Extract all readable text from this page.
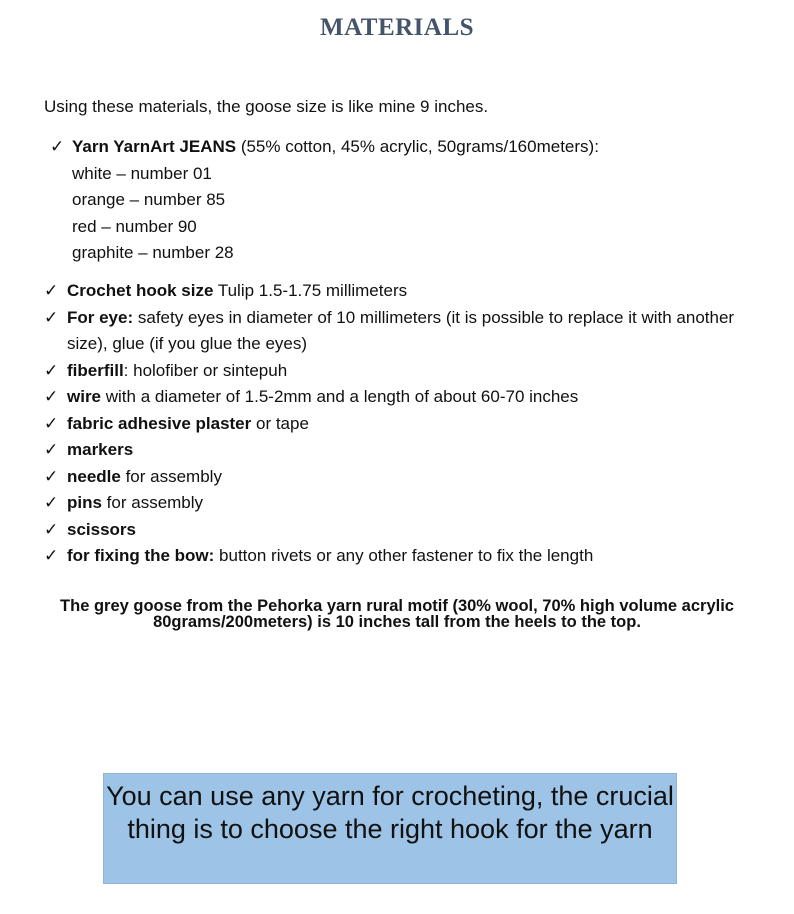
MATERIALS
Using these materials, the goose size is like mine 9 inches.
✓ Yarn YarnArt JEANS (55% cotton, 45% acrylic, 50grams/160meters):
white – number 01
orange – number 85
red – number 90
graphite – number 28
✓ Crochet hook size Tulip 1.5-1.75 millimeters
✓ For eye: safety eyes in diameter of 10 millimeters (it is possible to replace it with another size), glue (if you glue the eyes)
✓ fiberfill: holofiber or sintepuh
✓ wire with a diameter of 1.5-2mm and a length of about 60-70 inches
✓ fabric adhesive plaster or tape
✓ markers
✓ needle for assembly
✓ pins for assembly
✓ scissors
✓ for fixing the bow: button rivets or any other fastener to fix the length
The grey goose from the Pehorka yarn rural motif (30% wool, 70% high volume acrylic 80grams/200meters) is 10 inches tall from the heels to the top.
You can use any yarn for crocheting, the crucial thing is to choose the right hook for the yarn
